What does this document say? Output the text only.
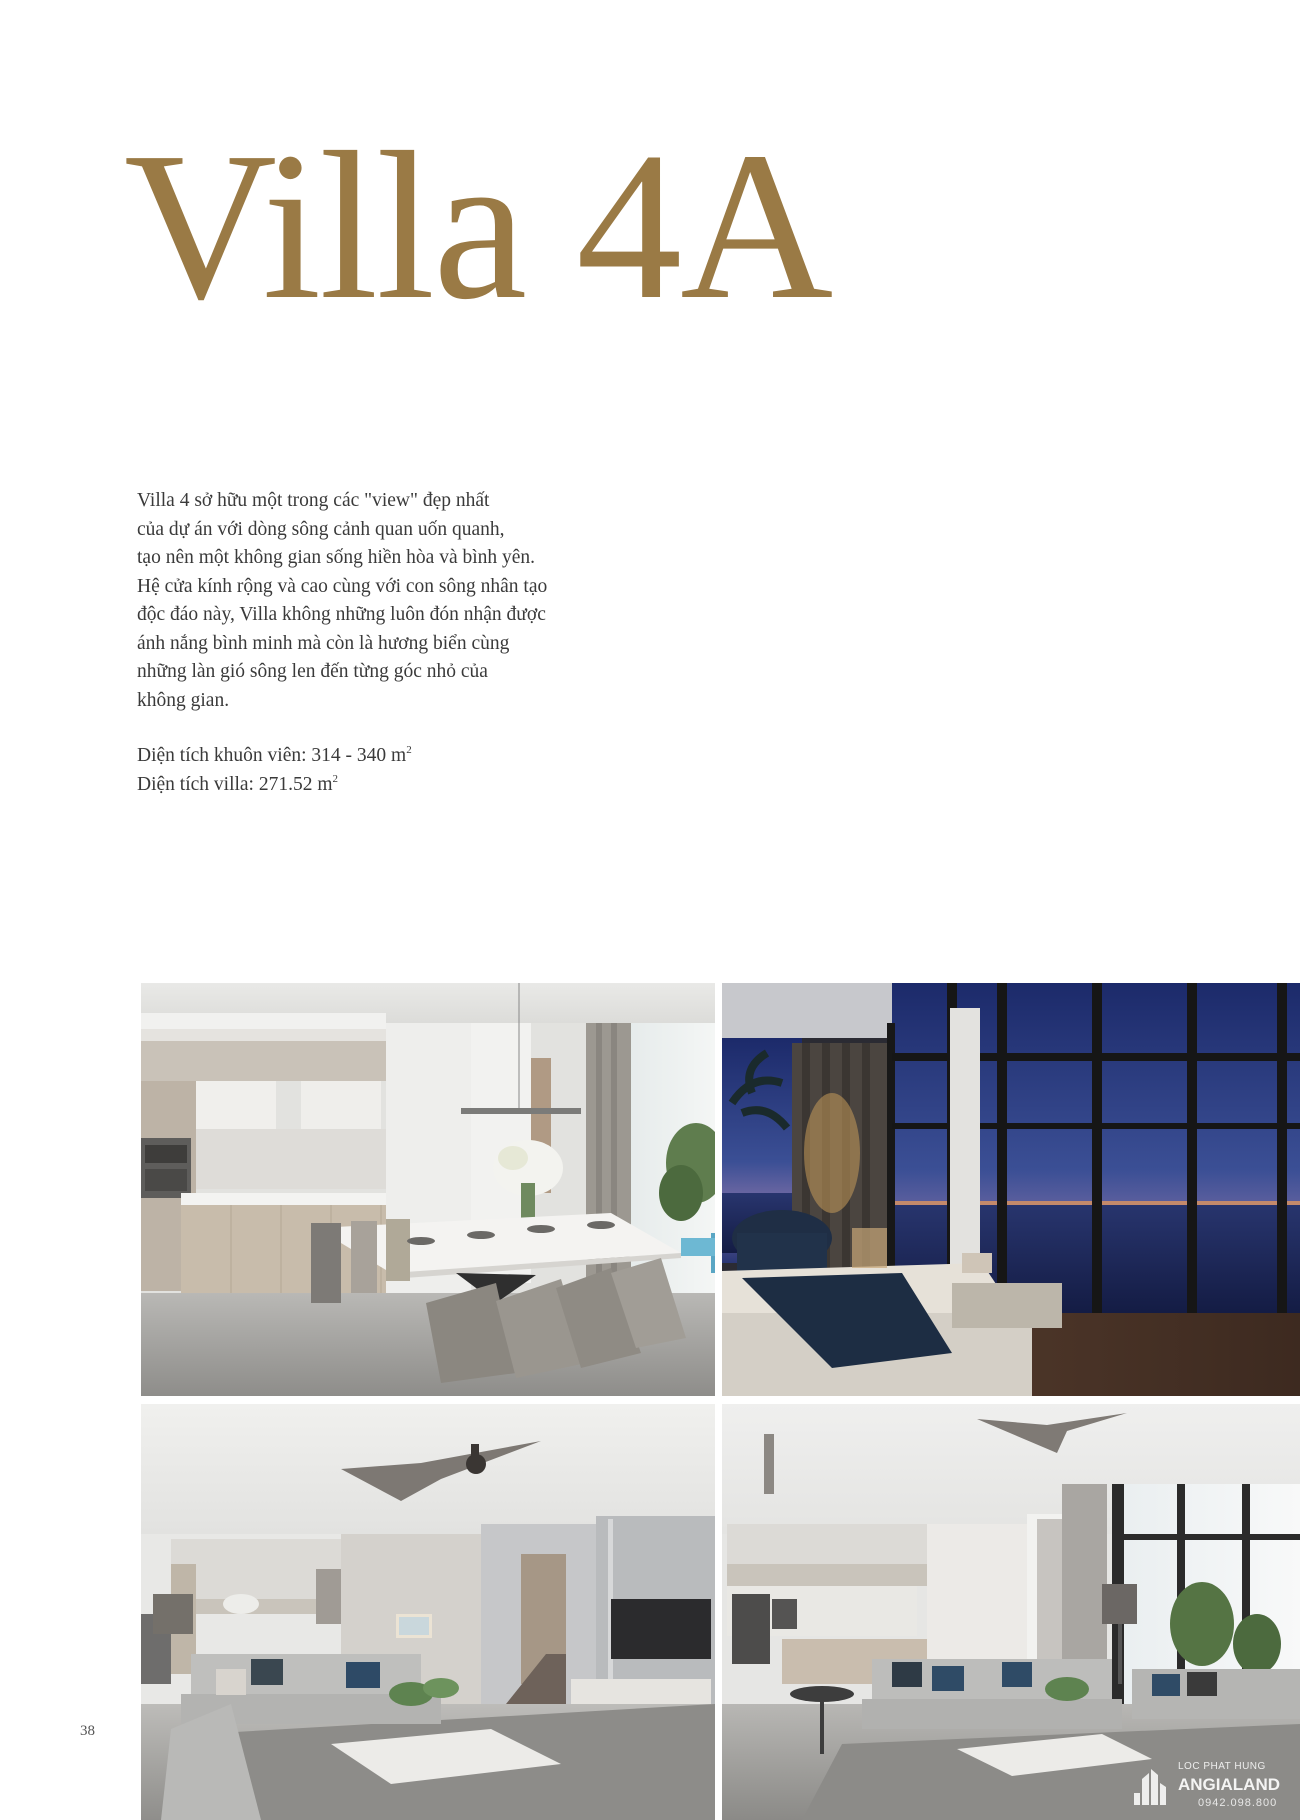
Villa 4A

Villa 4 sở hữu một trong các "view" đẹp nhất

của dự án với dòng sông cảnh quan uốn quanh,

tạo nên một không gian sống hiền hòa và bình yên.

Hệ cửa kính rộng và cao cùng với con sông nhân tạo

độc đáo này, Villa không những luôn đón nhận được

ánh nắng bình minh mà còn là hương biển cùng

những làn gió sông len đến từng góc nhỏ của

không gian.

Diện tích khuôn viên: 314 - 340 $m^2$
Diện tích villa: 271.52 $m^2$
38
LOC PHAT HUNG
ANGIALAND
0942.098.800
